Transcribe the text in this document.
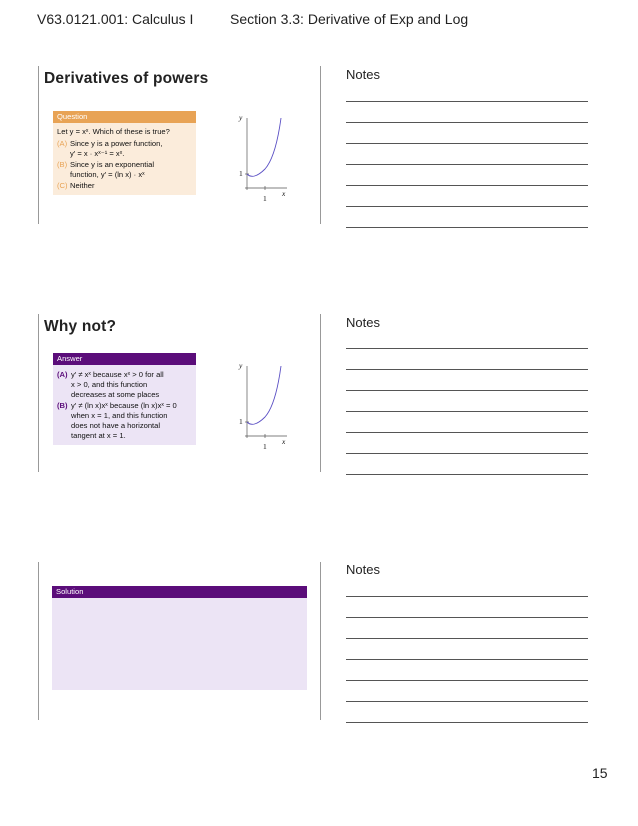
V63.0121.001: Calculus I	Section 3.3: Derivative of Exp and Log
Derivatives of powers
Question
Let y = xˣ. Which of these is true?
(A) Since y is a power function,
y′ = x · xˣ⁻¹ = xˣ.
(B) Since y is an exponential
function, y′ = (ln x) · xˣ
(C) Neither
y
x
1
1
Why not?
Answer
(A) y′ ≠ xˣ because xˣ > 0 for all
x > 0, and this function
decreases at some places
(B) y′ ≠ (ln x)xˣ because (ln x)xˣ = 0
when x = 1, and this function
does not have a horizontal
tangent at x = 1.
y
x
1
1
Solution
Notes
Notes
Notes
15
